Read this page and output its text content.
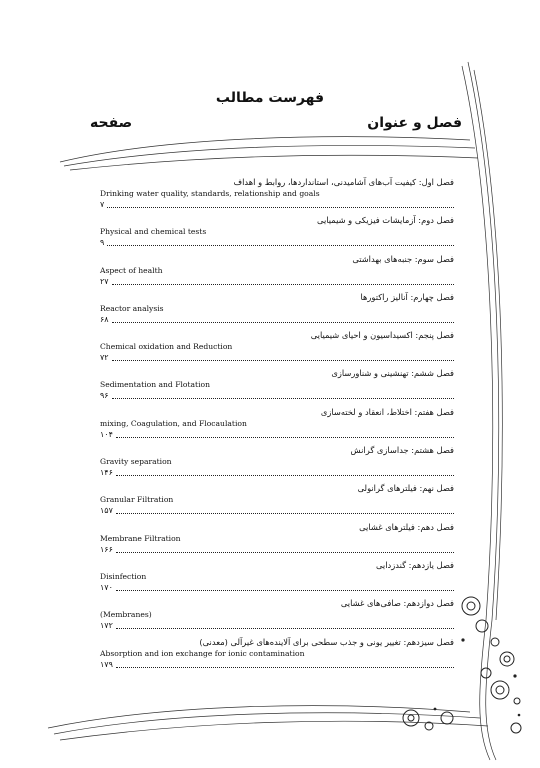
فهرست مطالب
فصل و عنوان
صفحه
فصل اول: کیفیت آب‌های آشامیدنی، استانداردها، روابط و اهداف
Drinking water quality, standards, relationship and goals
۷
فصل دوم: آزمایشات فیزیکی و شیمیایی
Physical and chemical tests
۹
فصل سوم: جنبه‌های بهداشتی
Aspect of health
۲۷
فصل چهارم: آنالیز راکتورها
Reactor analysis
۶۸
فصل پنجم: اکسیداسیون و احیای شیمیایی
Chemical oxidation and Reduction
۷۲
فصل ششم: تهنشینی و شناورسازی
Sedimentation and Flotation
۹۶
فصل هفتم: اختلاط، انعقاد و لخته‌سازی
mixing, Coagulation, and Flocaulation
۱۰۴
فصل هشتم: جداسازی گرانش
Gravity separation
۱۴۶
فصل نهم: فیلترهای گرانولی
Granular Filtration
۱۵۷
فصل دهم: فیلترهای غشایی
Membrane Filtration
۱۶۶
فصل یازدهم: گندزدایی
Disinfection
۱۷۰
فصل دوازدهم: صافی‌های غشایی
(Membranes)
۱۷۲
فصل سیزدهم: تغییر یونی و جذب سطحی برای آلاینده‌های غیرآلی (معدنی)
Absorption and ion exchange for ionic contamination
۱۷۹
